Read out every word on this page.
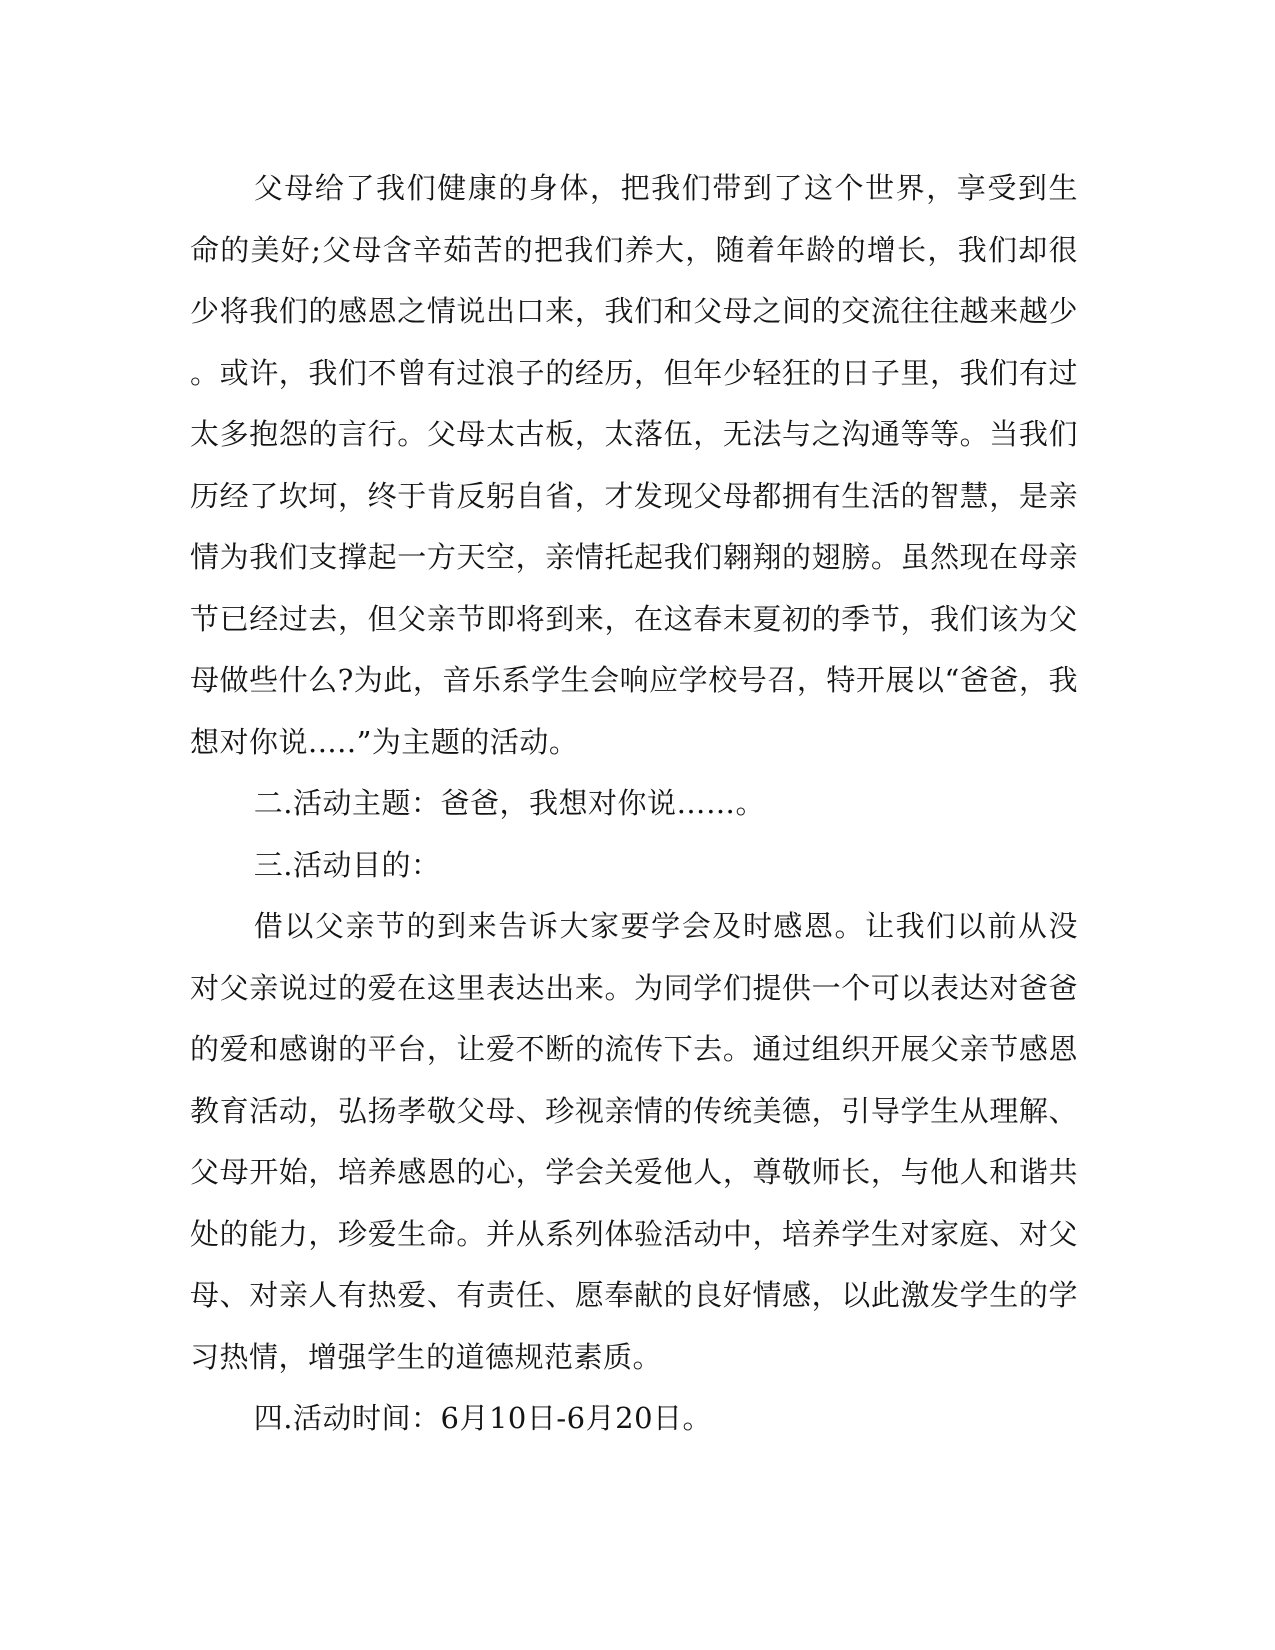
父母给了我们健康的身体，把我们带到了这个世界，享受到生命的美好;父母含辛茹苦的把我们养大，随着年龄的增长，我们却很少将我们的感恩之情说出口来，我们和父母之间的交流往往越来越少。或许，我们不曾有过浪子的经历，但年少轻狂的日子里，我们有过太多抱怨的言行。父母太古板，太落伍，无法与之沟通等等。当我们历经了坎坷，终于肯反躬自省，才发现父母都拥有生活的智慧，是亲情为我们支撑起一方天空，亲情托起我们翱翔的翅膀。虽然现在母亲节已经过去，但父亲节即将到来，在这春末夏初的季节，我们该为父母做些什么?为此，音乐系学生会响应学校号召，特开展以“爸爸，我想对你说.....”为主题的活动。

二.活动主题：爸爸，我想对你说……。

三.活动目的：

借以父亲节的到来告诉大家要学会及时感恩。让我们以前从没对父亲说过的爱在这里表达出来。为同学们提供一个可以表达对爸爸的爱和感谢的平台，让爱不断的流传下去。通过组织开展父亲节感恩教育活动，弘扬孝敬父母、珍视亲情的传统美德，引导学生从理解、父母开始，培养感恩的心，学会关爱他人，尊敬师长，与他人和谐共处的能力，珍爱生命。并从系列体验活动中，培养学生对家庭、对父母、对亲人有热爱、有责任、愿奉献的良好情感，以此激发学生的学习热情，增强学生的道德规范素质。

四.活动时间：6月10日-6月20日。
